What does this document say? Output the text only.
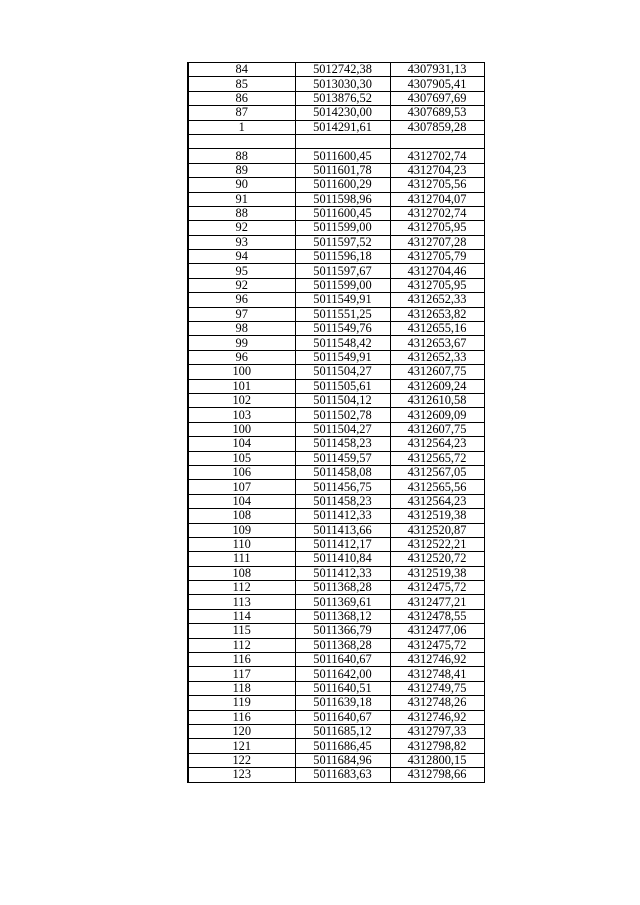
84	5012742,38	4307931,13
85	5013030,30	4307905,41
86	5013876,52	4307697,69
87	5014230,00	4307689,53
1	5014291,61	4307859,28

88	5011600,45	4312702,74
89	5011601,78	4312704,23
90	5011600,29	4312705,56
91	5011598,96	4312704,07
88	5011600,45	4312702,74
92	5011599,00	4312705,95
93	5011597,52	4312707,28
94	5011596,18	4312705,79
95	5011597,67	4312704,46
92	5011599,00	4312705,95
96	5011549,91	4312652,33
97	5011551,25	4312653,82
98	5011549,76	4312655,16
99	5011548,42	4312653,67
96	5011549,91	4312652,33
100	5011504,27	4312607,75
101	5011505,61	4312609,24
102	5011504,12	4312610,58
103	5011502,78	4312609,09
100	5011504,27	4312607,75
104	5011458,23	4312564,23
105	5011459,57	4312565,72
106	5011458,08	4312567,05
107	5011456,75	4312565,56
104	5011458,23	4312564,23
108	5011412,33	4312519,38
109	5011413,66	4312520,87
110	5011412,17	4312522,21
111	5011410,84	4312520,72
108	5011412,33	4312519,38
112	5011368,28	4312475,72
113	5011369,61	4312477,21
114	5011368,12	4312478,55
115	5011366,79	4312477,06
112	5011368,28	4312475,72
116	5011640,67	4312746,92
117	5011642,00	4312748,41
118	5011640,51	4312749,75
119	5011639,18	4312748,26
116	5011640,67	4312746,92
120	5011685,12	4312797,33
121	5011686,45	4312798,82
122	5011684,96	4312800,15
123	5011683,63	4312798,66
